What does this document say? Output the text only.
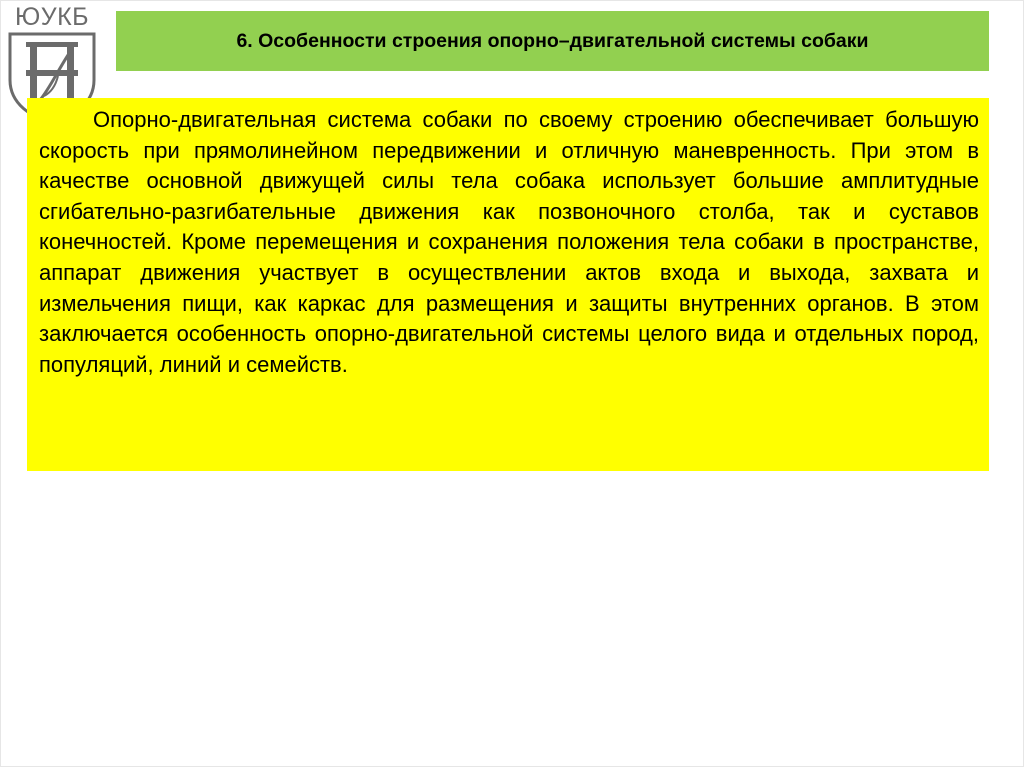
ЮУКБ
6. Особенности строения опорно–двигательной системы собаки

Опорно-двигательная система собаки по своему строению обеспечивает большую скорость при прямолинейном передвижении и отличную маневренность. При этом в качестве основной движущей силы тела собака использует большие амплитудные сгибательно-разгибательные движения как позвоночного столба, так и суставов конечностей. Кроме перемещения и сохранения положения тела собаки в пространстве, аппарат движения участвует в осуществлении актов входа и выхода, захвата и измельчения пищи, как каркас для размещения и защиты внутренних органов. В этом заключается особенность опорно-двигательной системы целого вида и отдельных пород, популяций, линий и семейств.
